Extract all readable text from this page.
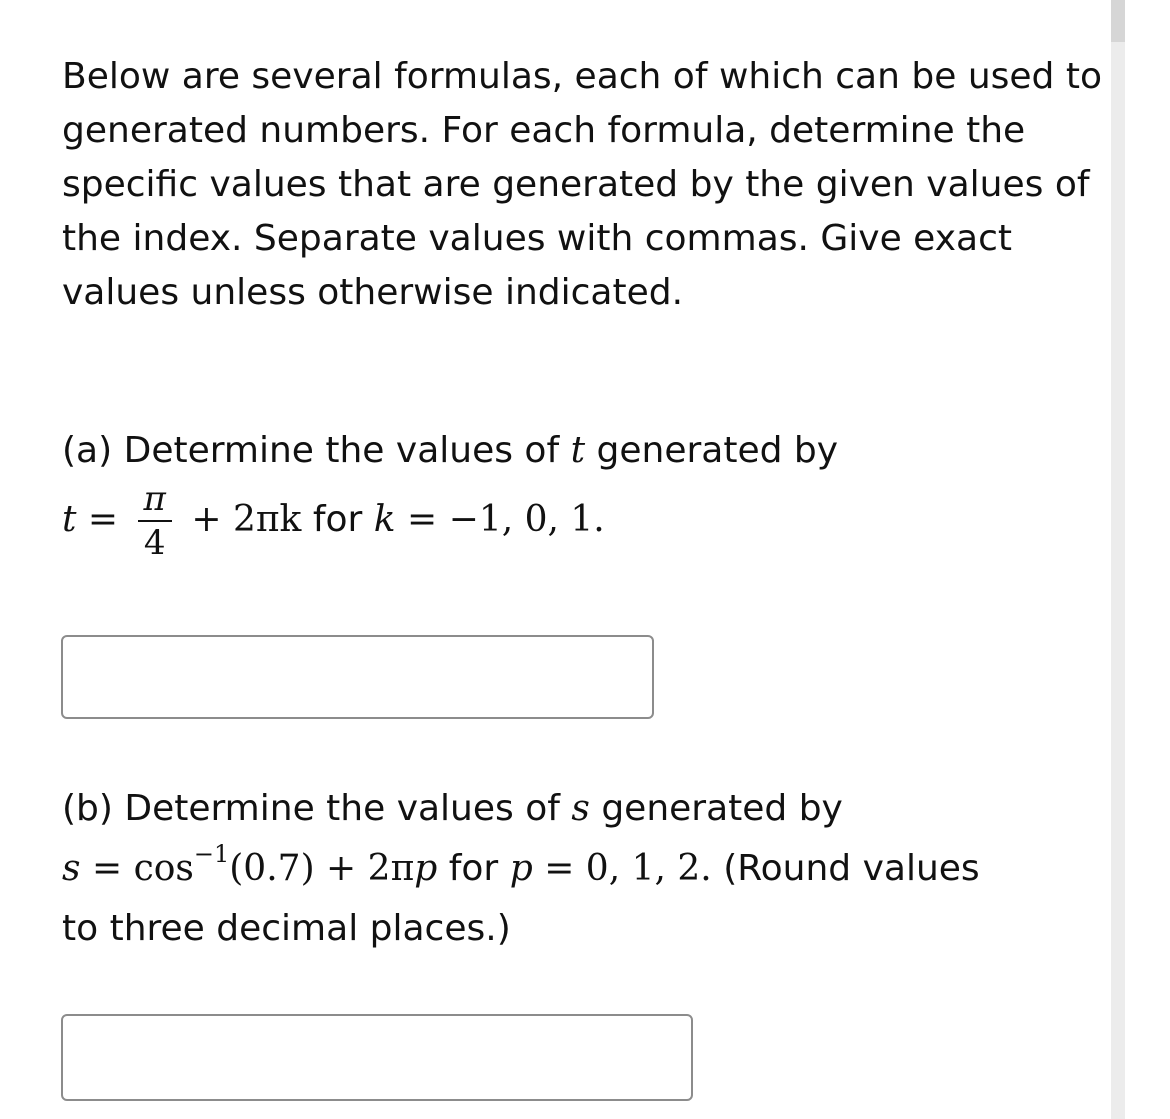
Below are several formulas, each of which can be used to generated numbers. For each formula, determine the specific values that are generated by the given values of the index. Separate values with commas. Give exact values unless otherwise indicated.

(a) Determine the values of t generated by
$t = \frac{\pi}{4} + 2\pi k$ for k = −1, 0, 1.
(b) Determine the values of s generated by
$s = \cos^{-1}(0.7) + 2\pi p$ for p = 0, 1, 2. (Round values
to three decimal places.)
